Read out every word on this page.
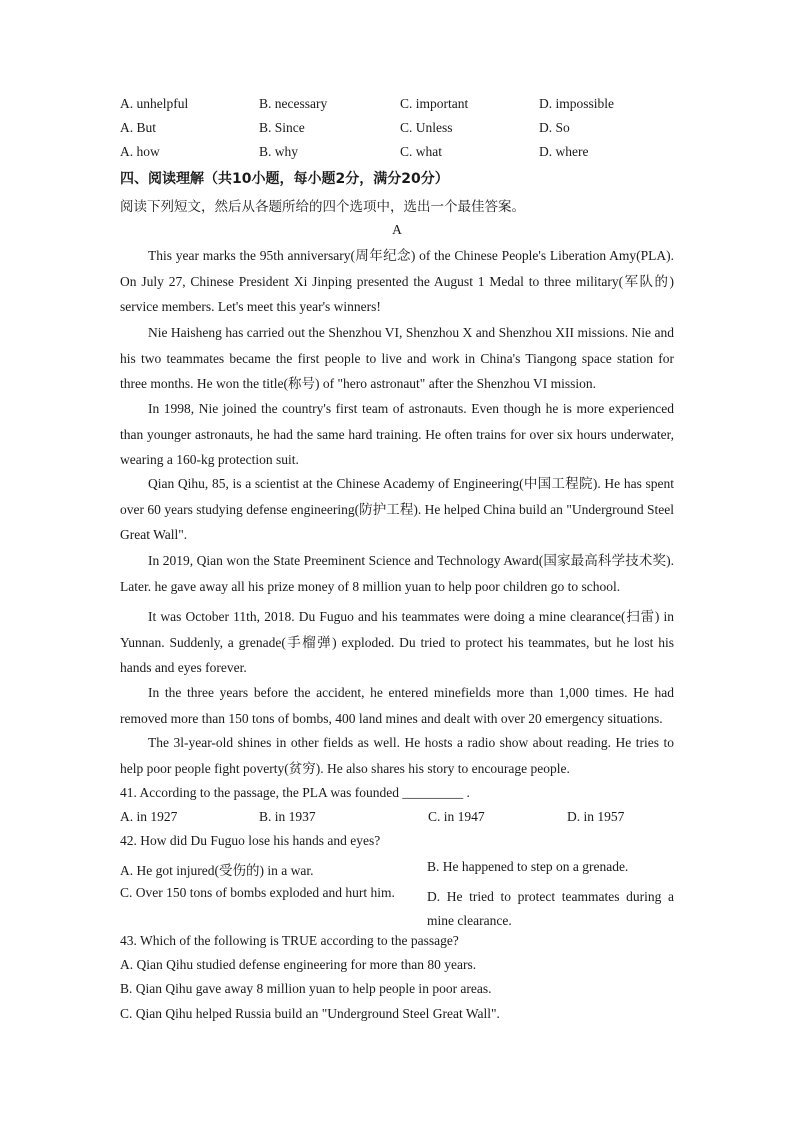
A. unhelpful	B. necessary	C. important	D. impossible
A. But	B. Since	C. Unless	D. So
A. how	B. why	C. what	D. where
四、阅读理解（共10小题，每小题2分，满分20分）
阅读下列短文，然后从各题所给的四个选项中，选出一个最佳答案。
A

This year marks the 95th anniversary(周年纪念) of the Chinese People's Liberation Amy(PLA). On July 27, Chinese President Xi Jinping presented the August 1 Medal to three military(军队的) service members. Let's meet this year's winners!

Nie Haisheng has carried out the Shenzhou VI, Shenzhou X and Shenzhou XII missions. Nie and his two teammates became the first people to live and work in China's Tiangong space station for three months. He won the title(称号) of "hero astronaut" after the Shenzhou VI mission.

In 1998, Nie joined the country's first team of astronauts. Even though he is more experienced than younger astronauts, he had the same hard training. He often trains for over six hours underwater, wearing a 160-kg protection suit.

Qian Qihu, 85, is a scientist at the Chinese Academy of Engineering(中国工程院). He has spent over 60 years studying defense engineering(防护工程). He helped China build an "Underground Steel Great Wall".

In 2019, Qian won the State Preeminent Science and Technology Award(国家最高科学技术奖). Later. he gave away all his prize money of 8 million yuan to help poor children go to school.

It was October 11th, 2018. Du Fuguo and his teammates were doing a mine clearance(扫雷) in Yunnan. Suddenly, a grenade(手榴弹) exploded. Du tried to protect his teammates, but he lost his hands and eyes forever.

In the three years before the accident, he entered minefields more than 1,000 times. He had removed more than 150 tons of bombs, 400 land mines and dealt with over 20 emergency situations.

The 3l-year-old shines in other fields as well. He hosts a radio show about reading. He tries to help poor people fight poverty(贫穷). He also shares his story to encourage people.

41. According to the passage, the PLA was founded _________ .
A. in 1927	B. in 1937	C. in 1947	D. in 1957
42. How did Du Fuguo lose his hands and eyes?
A. He got injured(受伤的) in a war.	B. He happened to step on a grenade.
C. Over 150 tons of bombs exploded and hurt him. D. He tried to protect teammates during a mine clearance.
43. Which of the following is TRUE according to the passage?
A. Qian Qihu studied defense engineering for more than 80 years.
B. Qian Qihu gave away 8 million yuan to help people in poor areas.
C. Qian Qihu helped Russia build an "Underground Steel Great Wall".
